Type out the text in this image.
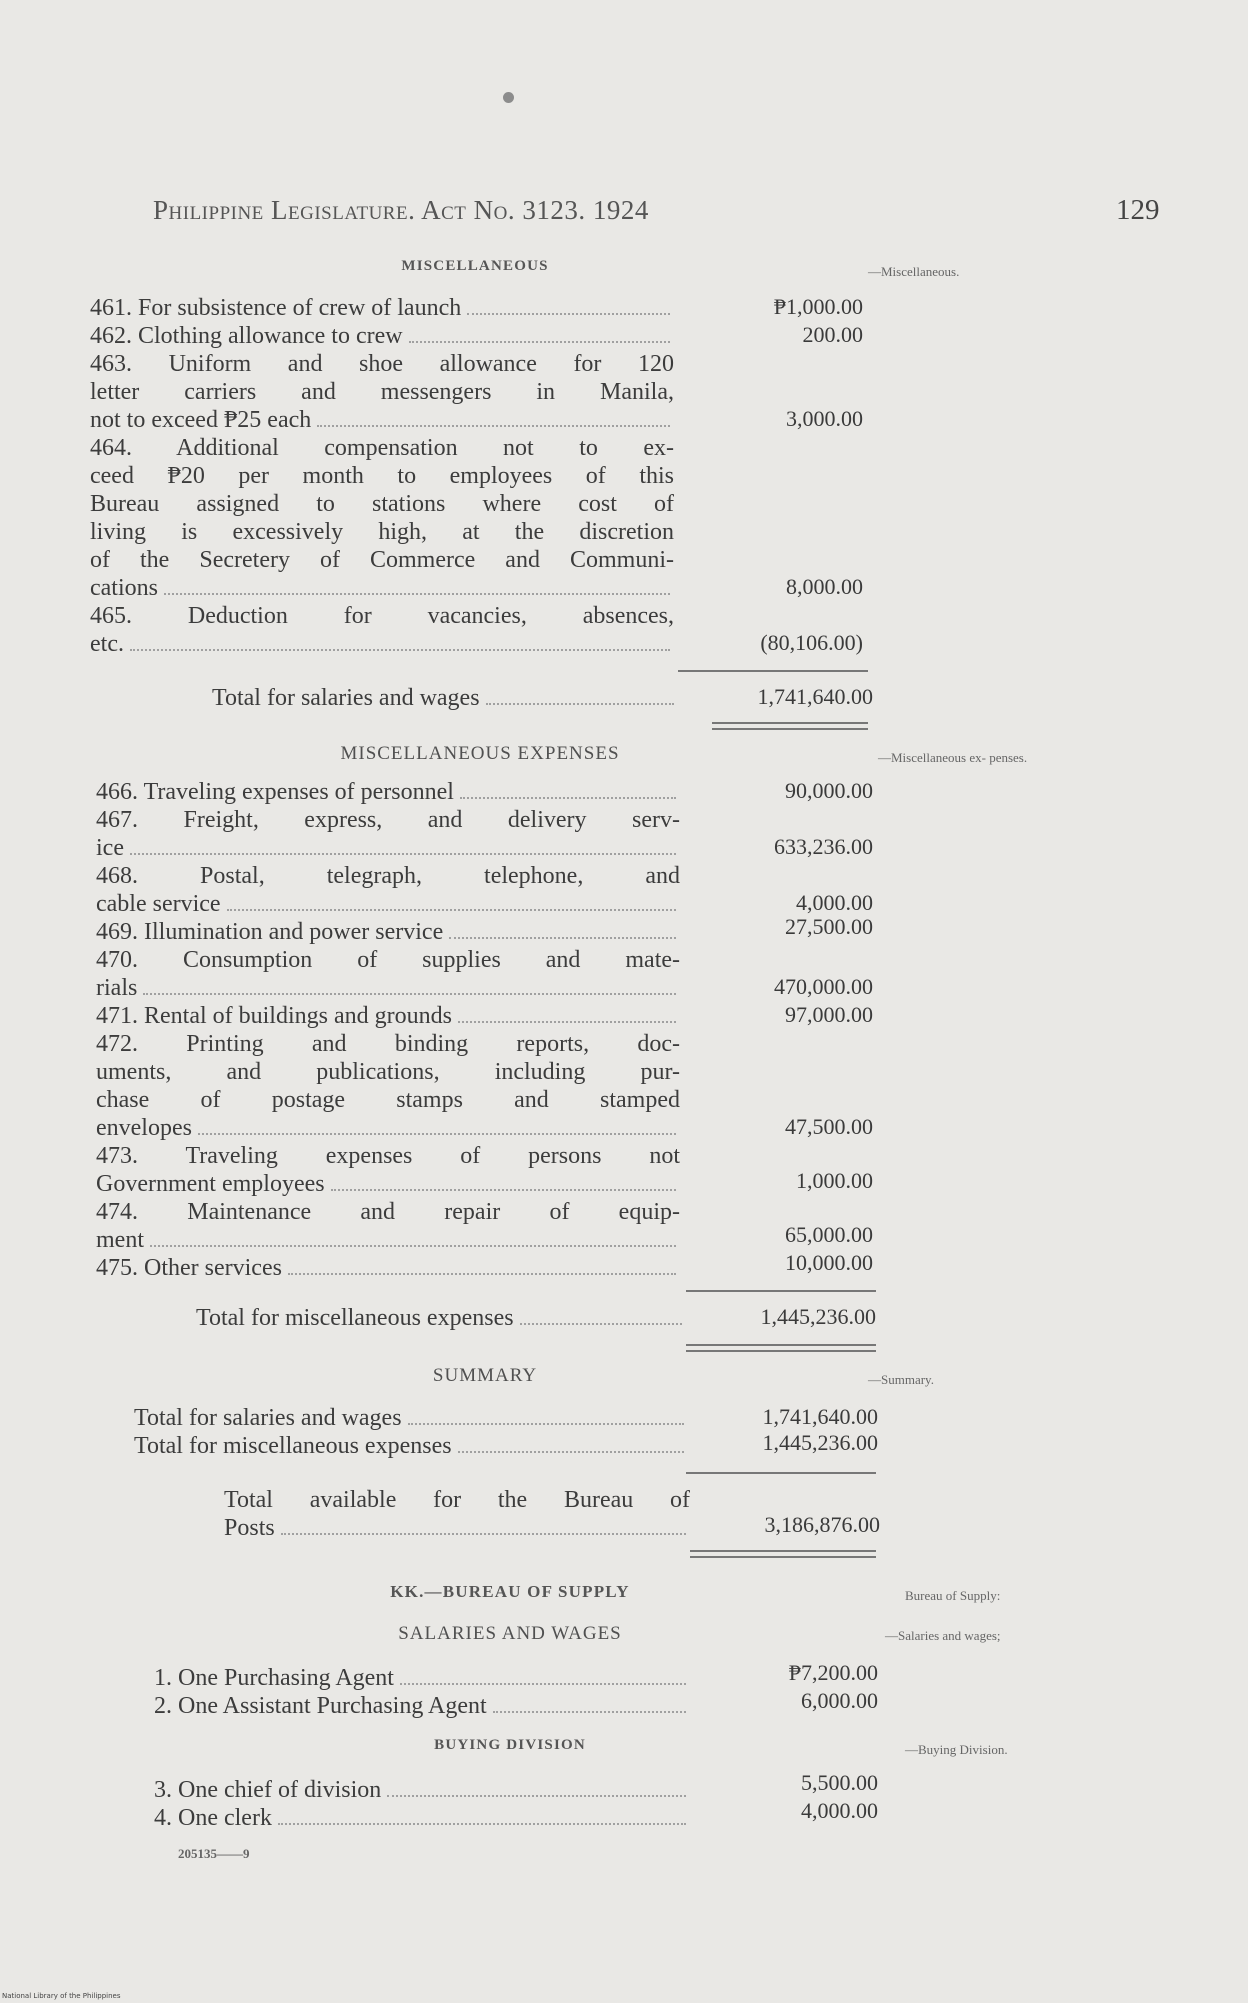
Philippine Legislature. Act No. 3123. 1924	129
MISCELLANEOUS
MISCELLANEOUS EXPENSES
SUMMARY
KK.—BUREAU OF SUPPLY
SALARIES AND WAGES
BUYING DIVISION
—Miscellaneous.
—Miscellaneous ex- penses.
—Summary.
Bureau of Supply:
—Salaries and wages;
—Buying Division.
461. For subsistence of crew of launch	₱1,000.00
462. Clothing allowance to crew	200.00
463. Uniform and shoe allowance for 120
letter carriers and messengers in Manila,
not to exceed ₱25 each	3,000.00
464. Additional compensation not to ex-
ceed ₱20 per month to employees of this
Bureau assigned to stations where cost of
living is excessively high, at the discretion
of the Secretery of Commerce and Communi-
cations	8,000.00
465. Deduction for vacancies, absences,
etc.	(80,106.00)
Total for salaries and wages	1,741,640.00
466. Traveling expenses of personnel	90,000.00
467. Freight, express, and delivery serv-
ice	633,236.00
468. Postal, telegraph, telephone, and
cable service	4,000.00
469. Illumination and power service	27,500.00
470. Consumption of supplies and mate-
rials	470,000.00
471. Rental of buildings and grounds	97,000.00
472. Printing and binding reports, doc-
uments, and publications, including pur-
chase of postage stamps and stamped
envelopes	47,500.00
473. Traveling expenses of persons not
Government employees	1,000.00
474. Maintenance and repair of equip-
ment	65,000.00
475. Other services	10,000.00
Total for miscellaneous expenses	1,445,236.00
Total for salaries and wages	1,741,640.00
Total for miscellaneous expenses	1,445,236.00
Total available for the Bureau of
Posts	3,186,876.00
1. One Purchasing Agent	₱7,200.00
2. One Assistant Purchasing Agent	6,000.00
3. One chief of division	5,500.00
4. One clerk	4,000.00
205135——9
National Library of the Philippines
